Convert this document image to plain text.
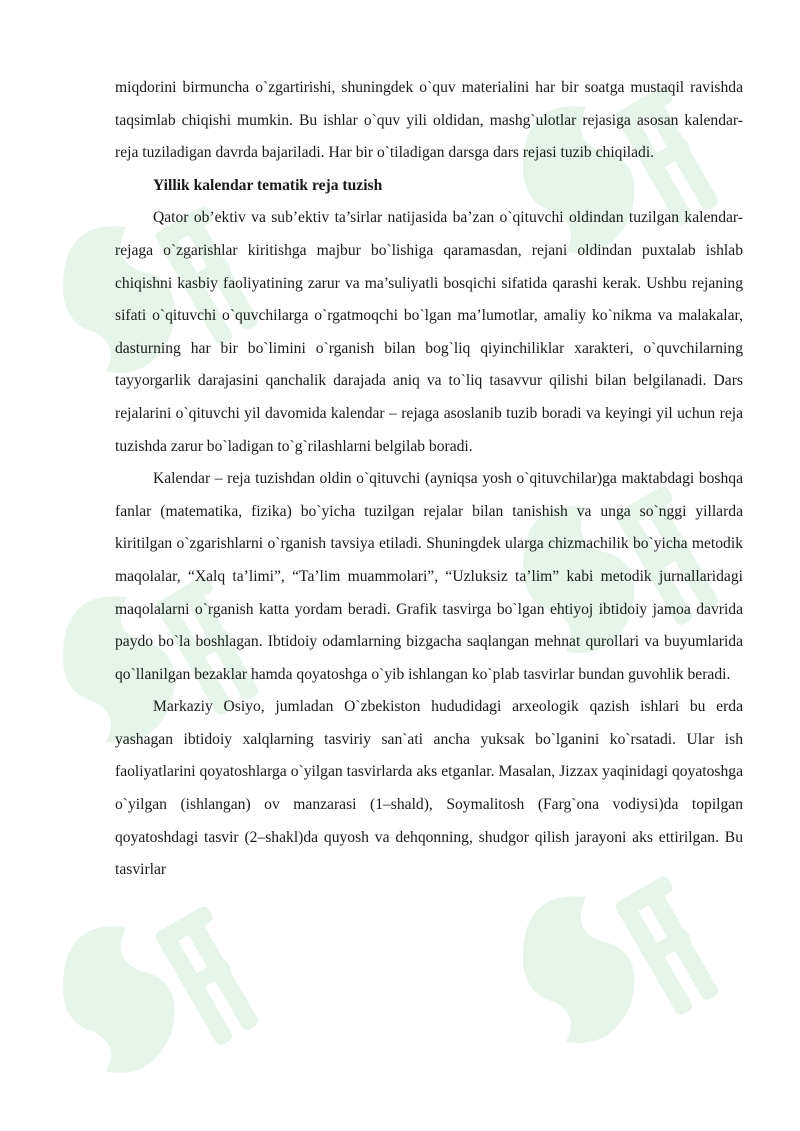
miqdorini birmuncha o`zgartirishi, shuningdek o`quv materialini har bir soatga mustaqil ravishda taqsimlab chiqishi mumkin. Bu ishlar o`quv yili oldidan, mashg`ulotlar rejasiga asosan kalendar-reja tuziladigan davrda bajariladi. Har bir o`tiladigan darsga dars rejasi tuzib chiqiladi.

Yillik kalendar tematik reja tuzish

Qator ob’ektiv va sub’ektiv ta’sirlar natijasida ba’zan o`qituvchi oldindan tuzilgan kalendar-rejaga o`zgarishlar kiritishga majbur bo`lishiga qaramasdan, rejani oldindan puxtalab ishlab chiqishni kasbiy faoliyatining zarur va ma’suliyatli bosqichi sifatida qarashi kerak. Ushbu rejaning sifati o`qituvchi o`quvchilarga o`rgatmoqchi bo`lgan ma’lumotlar, amaliy ko`nikma va malakalar, dasturning har bir bo`limini o`rganish bilan bog`liq qiyinchiliklar xarakteri, o`quvchilarning tayyorgarlik darajasini qanchalik darajada aniq va to`liq tasavvur qilishi bilan belgilanadi. Dars rejalarini o`qituvchi yil davomida kalendar – rejaga asoslanib tuzib boradi va keyingi yil uchun reja tuzishda zarur bo`ladigan to`g`rilashlarni belgilab boradi.

Kalendar – reja tuzishdan oldin o`qituvchi (ayniqsa yosh o`qituvchilar)ga maktabdagi boshqa fanlar (matematika, fizika) bo`yicha tuzilgan rejalar bilan tanishish va unga so`nggi yillarda kiritilgan o`zgarishlarni o`rganish tavsiya etiladi. Shuningdek ularga chizmachilik bo`yicha metodik maqolalar, “Xalq ta’limi”, “Ta’lim muammolari”, “Uzluksiz ta’lim” kabi metodik jurnallaridagi maqolalarni o`rganish katta yordam beradi. Grafik tasvirga bo`lgan ehtiyoj ibtidoiy jamoa davrida paydo bo`la boshlagan. Ibtidoiy odamlarning bizgacha saqlangan mehnat qurollari va buyumlarida qo`llanilgan bezaklar hamda qoyatoshga o`yib ishlangan ko`plab tasvirlar bundan guvohlik beradi.

Markaziy Osiyo, jumladan O`zbekiston hududidagi arxeologik qazish ishlari bu erda yashagan ibtidoiy xalqlarning tasviriy san`ati ancha yuksak bo`lganini ko`rsatadi. Ular ish faoliyatlarini qoyatoshlarga o`yilgan tasvirlarda aks etganlar. Masalan, Jizzax yaqinidagi qoyatoshga o`yilgan (ishlangan) ov manzarasi (1–shald), Soymalitosh (Farg`ona vodiysi)da topilgan qoyatoshdagi tasvir (2–shakl)da quyosh va dehqonning, shudgor qilish jarayoni aks ettirilgan. Bu tasvirlar
